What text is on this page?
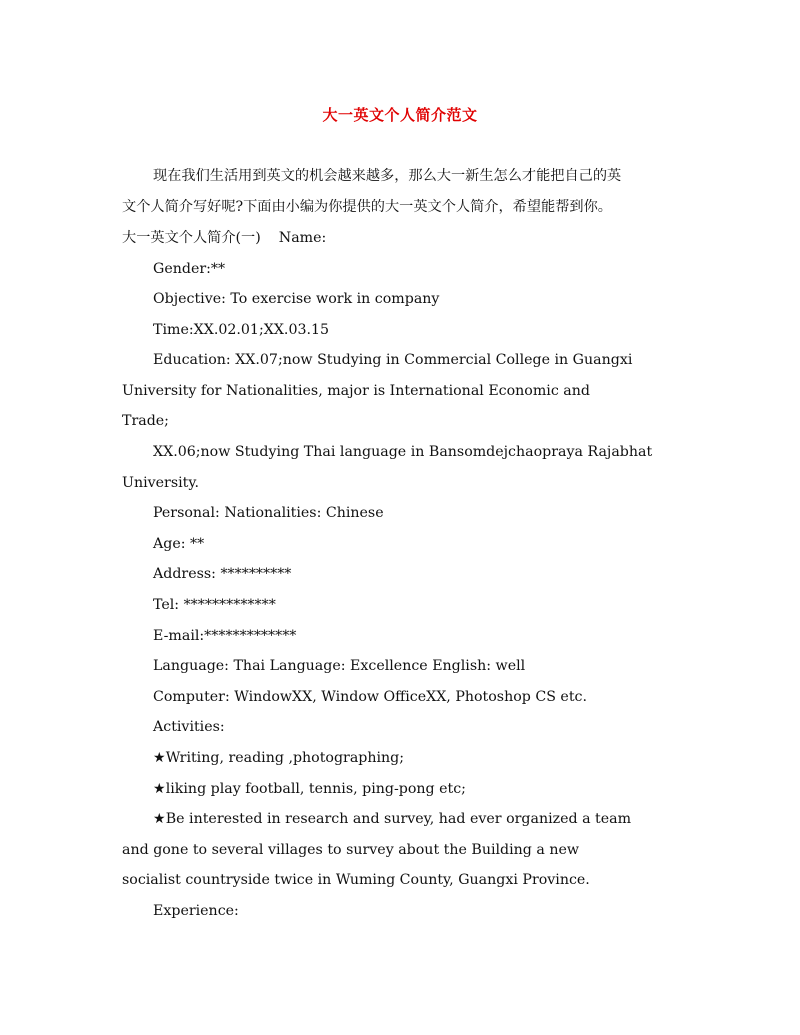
大一英文个人简介范文
现在我们生活用到英文的机会越来越多，那么大一新生怎么才能把自己的英
文个人简介写好呢?下面由小编为你提供的大一英文个人简介，希望能帮到你。
大一英文个人简介(一)    Name:
Gender:**
Objective: To exercise work in company
Time:XX.02.01;XX.03.15
Education: XX.07;now Studying in Commercial College in Guangxi
University for Nationalities, major is International Economic and
Trade;
XX.06;now Studying Thai language in Bansomdejchaopraya Rajabhat
University.
Personal: Nationalities: Chinese
Age: **
Address: **********
Tel: *************
E-mail:*************
Language: Thai Language: Excellence English: well
Computer: WindowXX, Window OfficeXX, Photoshop CS etc.
Activities:
★Writing, reading ,photographing;
★liking play football, tennis, ping-pong etc;
★Be interested in research and survey, had ever organized a team
and gone to several villages to survey about the Building a new
socialist countryside twice in Wuming County, Guangxi Province.
Experience:
